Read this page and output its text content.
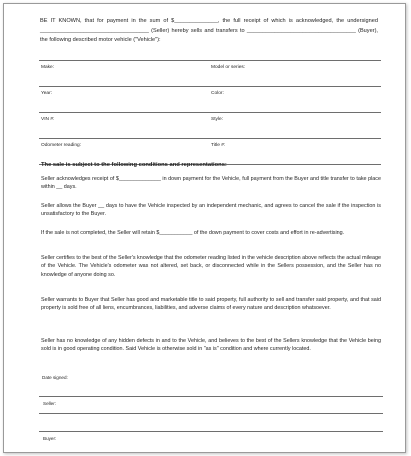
BE IT KNOWN, that for payment in the sum of $______________, the full receipt of which is acknowledged, the undersigned ___________________________________ (Seller) hereby sells and transfers to ___________________________________ (Buyer), the following described motor vehicle ("Vehicle"):
Make:	Model or series:
Year:	Color:
VIN #:	Style:
Odometer reading:	Title #:
The sale is subject to the following conditions and representations:
Seller acknowledges receipt of $______________ in down payment for the Vehicle, full payment from the Buyer and title transfer to take place within __ days.
Seller allows the Buyer __ days to have the Vehicle inspected by an independent mechanic, and agrees to cancel the sale if the inspection is unsatisfactory to the Buyer.
If the sale is not completed, the Seller will retain $___________ of the down payment to cover costs and effort in re-advertising.
Seller certifies to the best of the Seller's knowledge that the odometer reading listed in the vehicle description above reflects the actual mileage of the Vehicle. The Vehicle's odometer was not altered, set back, or disconnected while in the Sellers possession, and the Seller has no knowledge of anyone doing so.
Seller warrants to Buyer that Seller has good and marketable title to said property, full authority to sell and transfer said property, and that said property is sold free of all liens, encumbrances, liabilities, and adverse claims of every nature and description whatsoever.
Seller has no knowledge of any hidden defects in and to the Vehicle, and believes to the best of the Sellers knowledge that the Vehicle being sold is in good operating condition. Said Vehicle is otherwise sold in "as is" condition and where currently located.
Date signed:
Seller:
Buyer:
